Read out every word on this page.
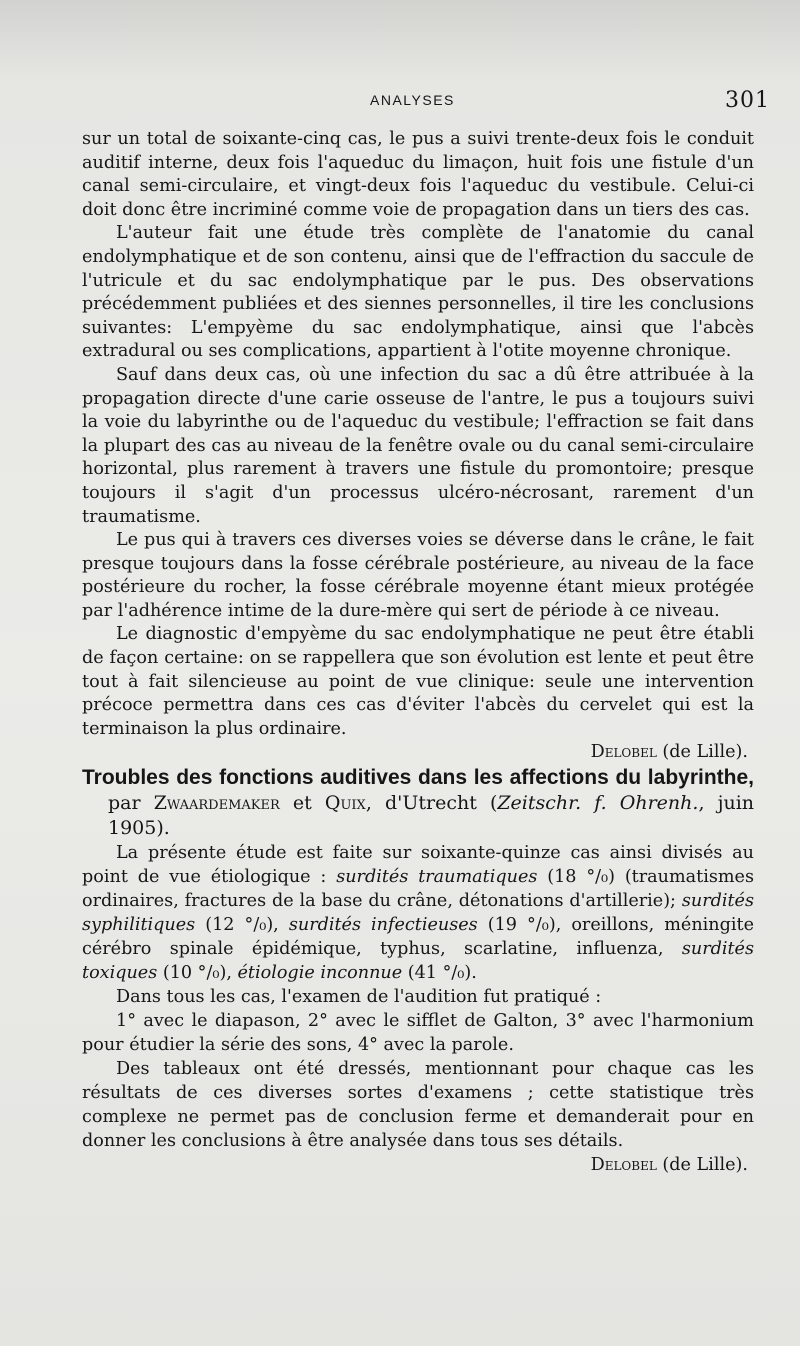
ANALYSES	301

sur un total de soixante-cinq cas, le pus a suivi trente-deux fois le conduit auditif interne, deux fois l'aqueduc du limaçon, huit fois une fistule d'un canal semi-circulaire, et vingt-deux fois l'aqueduc du vestibule. Celui-ci doit donc être incriminé comme voie de propagation dans un tiers des cas.

L'auteur fait une étude très complète de l'anatomie du canal endolymphatique et de son contenu, ainsi que de l'effraction du saccule de l'utricule et du sac endolymphatique par le pus. Des observations précédemment publiées et des siennes personnelles, il tire les conclusions suivantes: L'empyème du sac endolymphatique, ainsi que l'abcès extradural ou ses complications, appartient à l'otite moyenne chronique.

Sauf dans deux cas, où une infection du sac a dû être attribuée à la propagation directe d'une carie osseuse de l'antre, le pus a toujours suivi la voie du labyrinthe ou de l'aqueduc du vestibule; l'effraction se fait dans la plupart des cas au niveau de la fenêtre ovale ou du canal semi-circulaire horizontal, plus rarement à travers une fistule du promontoire; presque toujours il s'agit d'un processus ulcéro-nécrosant, rarement d'un traumatisme.

Le pus qui à travers ces diverses voies se déverse dans le crâne, le fait presque toujours dans la fosse cérébrale postérieure, au niveau de la face postérieure du rocher, la fosse cérébrale moyenne étant mieux protégée par l'adhérence intime de la dure-mère qui sert de période à ce niveau.

Le diagnostic d'empyème du sac endolymphatique ne peut être établi de façon certaine: on se rappellera que son évolution est lente et peut être tout à fait silencieuse au point de vue clinique: seule une intervention précoce permettra dans ces cas d'éviter l'abcès du cervelet qui est la terminaison la plus ordinaire.

Delobel (de Lille).

Troubles des fonctions auditives dans les affections du labyrinthe, par Zwaardemaker et Quix, d'Utrecht (Zeitschr. f. Ohrenh., juin 1905).

La présente étude est faite sur soixante-quinze cas ainsi divisés au point de vue étiologique : surdités traumatiques (18 °/₀) (traumatismes ordinaires, fractures de la base du crâne, détonations d'artillerie); surdités syphilitiques (12 °/₀), surdités infectieuses (19 °/₀), oreillons, méningite cérébro spinale épidémique, typhus, scarlatine, influenza, surdités toxiques (10 °/₀), étiologie inconnue (41 °/₀).

Dans tous les cas, l'examen de l'audition fut pratiqué :

1° avec le diapason, 2° avec le sifflet de Galton, 3° avec l'harmonium pour étudier la série des sons, 4° avec la parole.

Des tableaux ont été dressés, mentionnant pour chaque cas les résultats de ces diverses sortes d'examens ; cette statistique très complexe ne permet pas de conclusion ferme et demanderait pour en donner les conclusions à être analysée dans tous ses détails.

Delobel (de Lille).
